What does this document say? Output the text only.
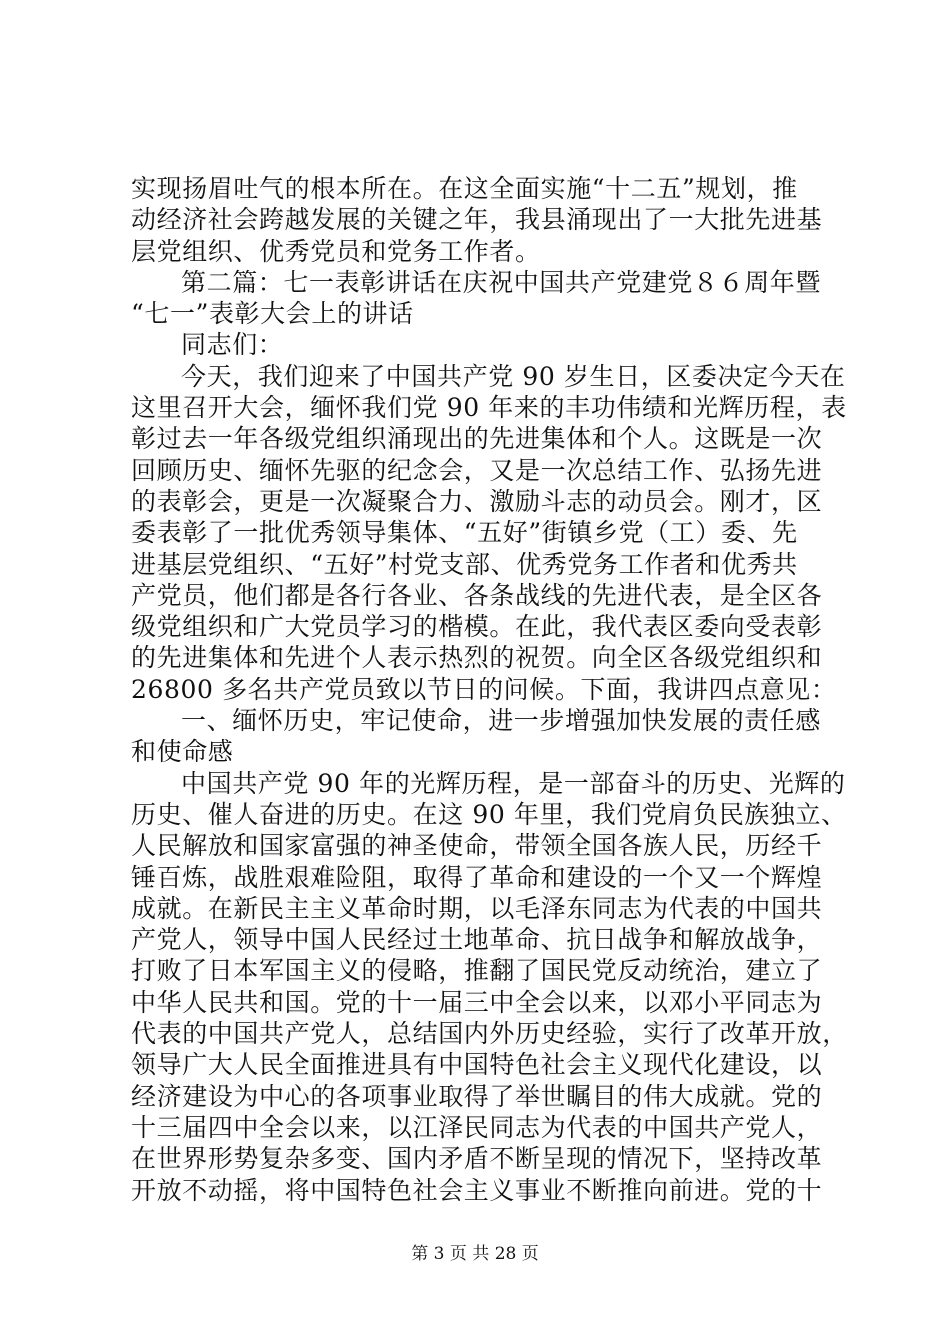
实现扬眉吐气的根本所在。在这全面实施“十二五”规划，推
动经济社会跨越发展的关键之年，我县涌现出了一大批先进基
层党组织、优秀党员和党务工作者。
第二篇：七一表彰讲话在庆祝中国共产党建党８６周年暨
“七一”表彰大会上的讲话
同志们：
今天，我们迎来了中国共产党 90 岁生日，区委决定今天在
这里召开大会，缅怀我们党 90 年来的丰功伟绩和光辉历程，表
彰过去一年各级党组织涌现出的先进集体和个人。这既是一次
回顾历史、缅怀先驱的纪念会，又是一次总结工作、弘扬先进
的表彰会，更是一次凝聚合力、激励斗志的动员会。刚才，区
委表彰了一批优秀领导集体、“五好”街镇乡党（工）委、先
进基层党组织、“五好”村党支部、优秀党务工作者和优秀共
产党员，他们都是各行各业、各条战线的先进代表，是全区各
级党组织和广大党员学习的楷模。在此，我代表区委向受表彰
的先进集体和先进个人表示热烈的祝贺。向全区各级党组织和
26800 多名共产党员致以节日的问候。下面，我讲四点意见：
一、缅怀历史，牢记使命，进一步增强加快发展的责任感
和使命感
中国共产党 90 年的光辉历程，是一部奋斗的历史、光辉的
历史、催人奋进的历史。在这 90 年里，我们党肩负民族独立、
人民解放和国家富强的神圣使命，带领全国各族人民，历经千
锤百炼，战胜艰难险阻，取得了革命和建设的一个又一个辉煌
成就。在新民主主义革命时期，以毛泽东同志为代表的中国共
产党人，领导中国人民经过土地革命、抗日战争和解放战争，
打败了日本军国主义的侵略，推翻了国民党反动统治，建立了
中华人民共和国。党的十一届三中全会以来，以邓小平同志为
代表的中国共产党人，总结国内外历史经验，实行了改革开放，
领导广大人民全面推进具有中国特色社会主义现代化建设，以
经济建设为中心的各项事业取得了举世瞩目的伟大成就。党的
十三届四中全会以来，以江泽民同志为代表的中国共产党人，
在世界形势复杂多变、国内矛盾不断呈现的情况下，坚持改革
开放不动摇，将中国特色社会主义事业不断推向前进。党的十
第 3 页 共 28 页
